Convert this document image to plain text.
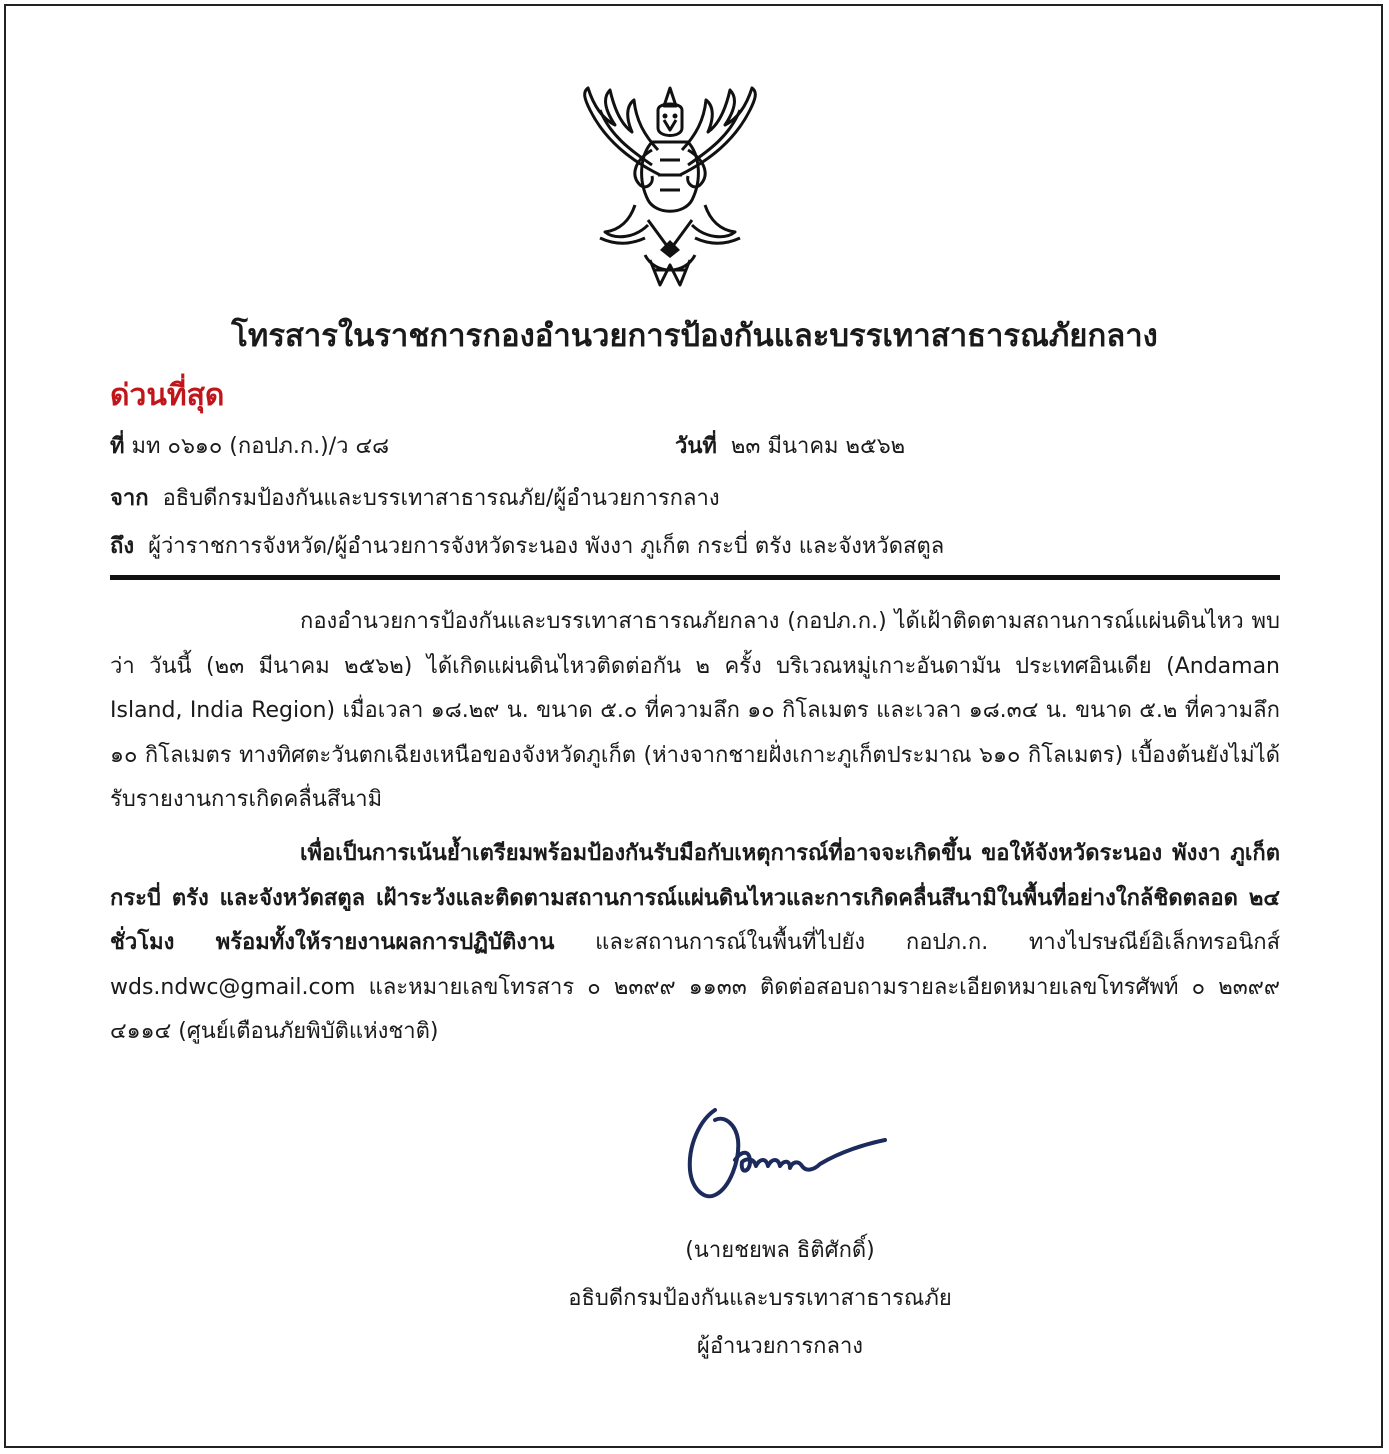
โทรสารในราชการกองอำนวยการป้องกันและบรรเทาสาธารณภัยกลาง
ด่วนที่สุด
ที่ มท ๐๖๑๐ (กอปภ.ก.)/ว ๔๘	วันที่ ๒๓ มีนาคม ๒๕๖๒
จาก อธิบดีกรมป้องกันและบรรเทาสาธารณภัย/ผู้อำนวยการกลาง
ถึง ผู้ว่าราชการจังหวัด/ผู้อำนวยการจังหวัดระนอง พังงา ภูเก็ต กระบี่ ตรัง และจังหวัดสตูล
กองอำนวยการป้องกันและบรรเทาสาธารณภัยกลาง (กอปภ.ก.) ได้เฝ้าติดตามสถานการณ์แผ่นดินไหว พบว่า วันนี้ (๒๓ มีนาคม ๒๕๖๒) ได้เกิดแผ่นดินไหวติดต่อกัน ๒ ครั้ง บริเวณหมู่เกาะอันดามัน ประเทศอินเดีย (Andaman Island, India Region) เมื่อเวลา ๑๘.๒๙ น. ขนาด ๕.๐ ที่ความลึก ๑๐ กิโลเมตร และเวลา ๑๘.๓๔ น. ขนาด ๕.๒ ที่ความลึก ๑๐ กิโลเมตร ทางทิศตะวันตกเฉียงเหนือของจังหวัดภูเก็ต (ห่างจากชายฝั่งเกาะภูเก็ตประมาณ ๖๑๐ กิโลเมตร) เบื้องต้นยังไม่ได้รับรายงานการเกิดคลื่นสึนามิ
เพื่อเป็นการเน้นย้ำเตรียมพร้อมป้องกันรับมือกับเหตุการณ์ที่อาจจะเกิดขึ้น ขอให้จังหวัดระนอง พังงา ภูเก็ต กระบี่ ตรัง และจังหวัดสตูล เฝ้าระวังและติดตามสถานการณ์แผ่นดินไหวและการเกิดคลื่นสึนามิในพื้นที่อย่างใกล้ชิดตลอด ๒๔ ชั่วโมง พร้อมทั้งให้รายงานผลการปฏิบัติงาน และสถานการณ์ในพื้นที่ไปยัง กอปภ.ก. ทางไปรษณีย์อิเล็กทรอนิกส์ wds.ndwc@gmail.com และหมายเลขโทรสาร ๐ ๒๓๙๙ ๑๑๓๓ ติดต่อสอบถามรายละเอียดหมายเลขโทรศัพท์ ๐ ๒๓๙๙ ๔๑๑๔ (ศูนย์เตือนภัยพิบัติแห่งชาติ)
(นายชยพล ธิติศักดิ์)
อธิบดีกรมป้องกันและบรรเทาสาธารณภัย
ผู้อำนวยการกลาง
